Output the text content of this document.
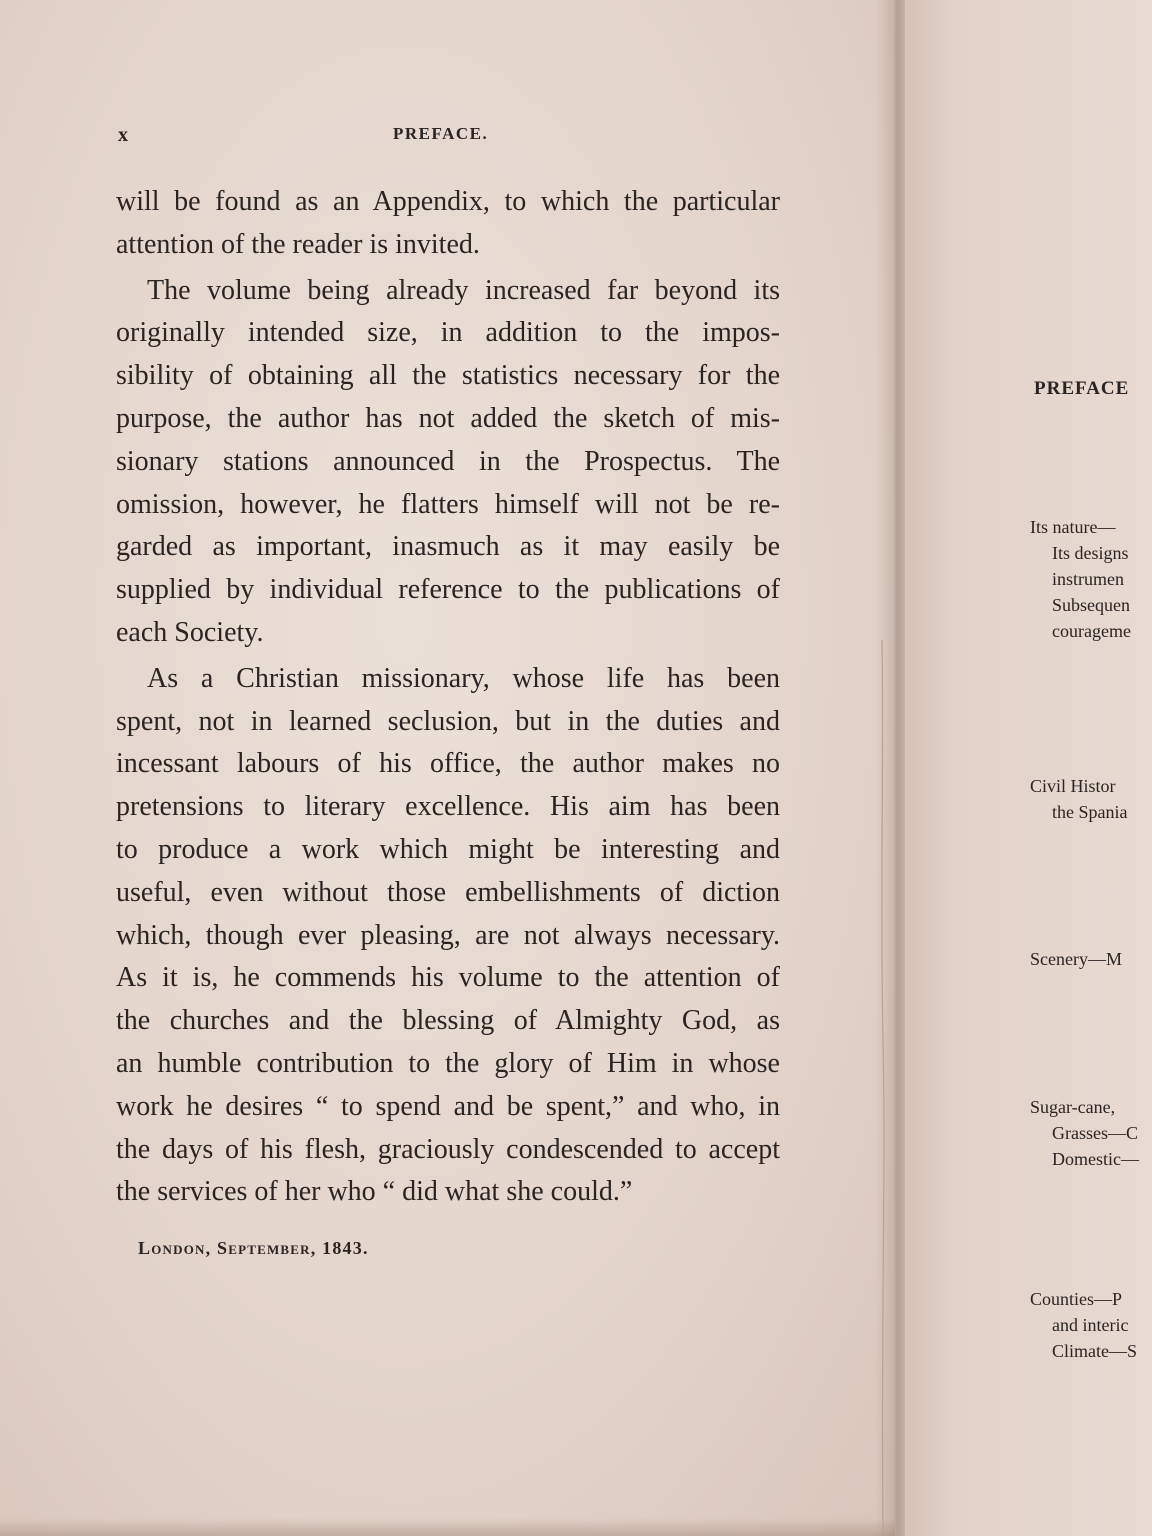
x	PREFACE.
will be found as an Appendix, to which the particular
attention of the reader is invited.
The volume being already increased far beyond its
originally intended size, in addition to the impos-
sibility of obtaining all the statistics necessary for the
purpose, the author has not added the sketch of mis-
sionary stations announced in the Prospectus. The
omission, however, he flatters himself will not be re-
garded as important, inasmuch as it may easily be
supplied by individual reference to the publications of
each Society.
As a Christian missionary, whose life has been
spent, not in learned seclusion, but in the duties and
incessant labours of his office, the author makes no
pretensions to literary excellence. His aim has been
to produce a work which might be interesting and
useful, even without those embellishments of diction
which, though ever pleasing, are not always necessary.
As it is, he commends his volume to the attention of
the churches and the blessing of Almighty God, as
an humble contribution to the glory of Him in whose
work he desires “ to spend and be spent,” and who, in
the days of his flesh, graciously condescended to accept
the services of her who “ did what she could.”
London, September, 1843.
PREFACE
Its nature—
Its designs
instrumen
Subsequen
courageme
Civil Histor
the Spania
Scenery—M
Sugar-cane,
Grasses—C
Domestic—
Counties—P
and interic
Climate—S
